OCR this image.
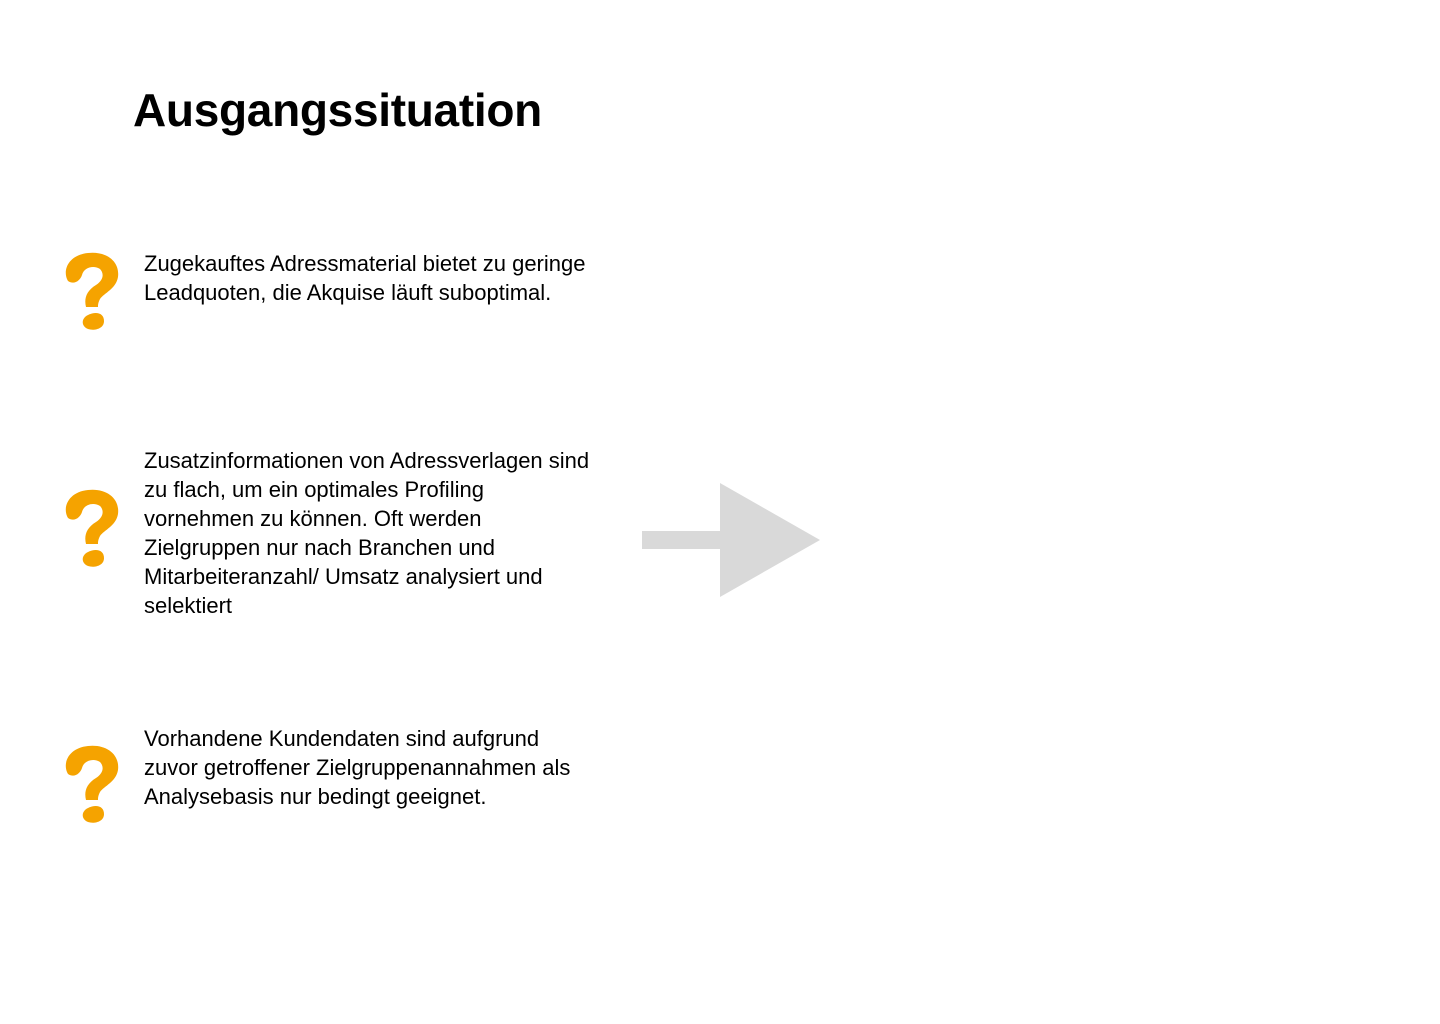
Ausgangssituation

Zugekauftes Adressmaterial bietet zu geringe Leadquoten, die Akquise läuft suboptimal.

Zusatzinformationen von Adressverlagen sind zu flach, um ein optimales Profiling vornehmen zu können. Oft werden Zielgruppen nur nach Branchen und Mitarbeiteranzahl/ Umsatz analysiert und selektiert

Vorhandene Kundendaten sind aufgrund zuvor getroffener Zielgruppenannahmen als Analysebasis nur bedingt geeignet.
